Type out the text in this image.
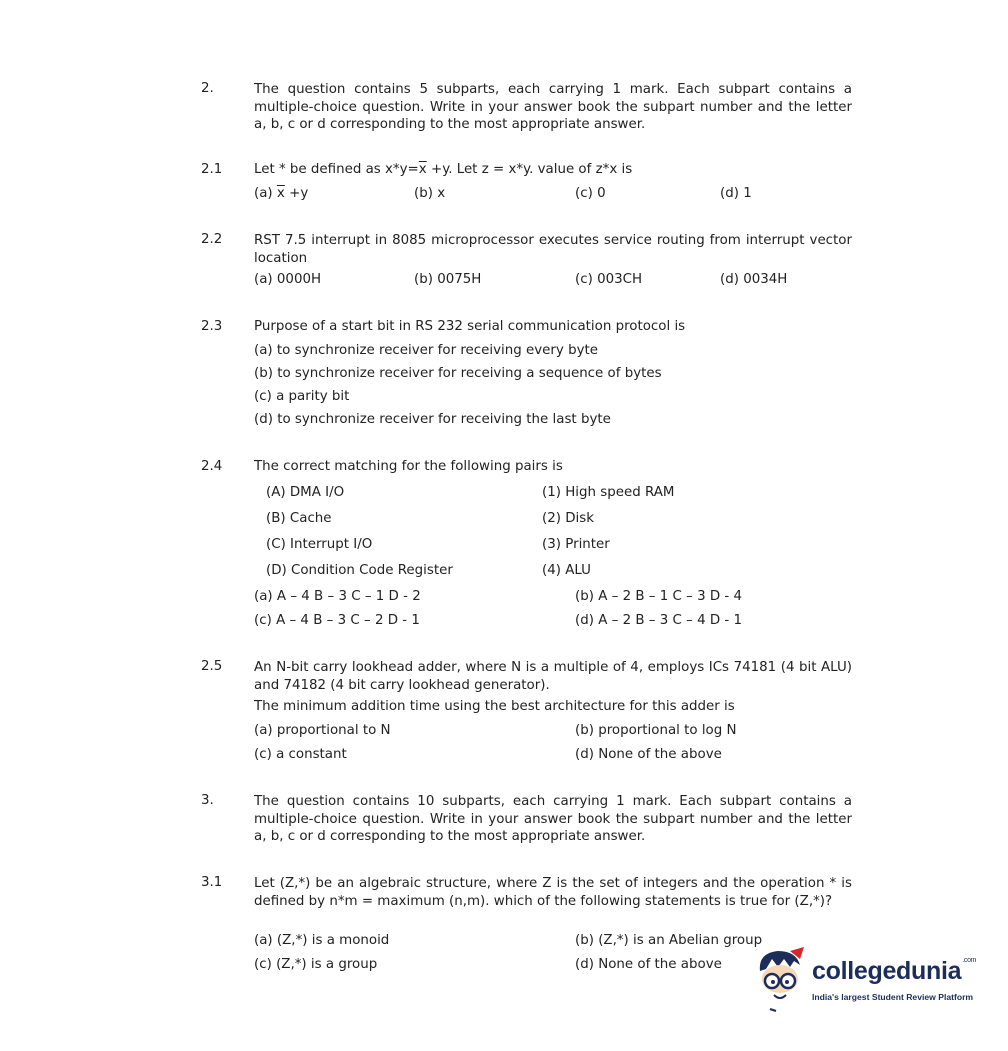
2.	The question contains 5 subparts, each carrying 1 mark. Each subpart contains a multiple-choice question. Write in your answer book the subpart number and the letter a, b, c or d corresponding to the most appropriate answer.
2.1 Let * be defined as $x*y=\overline{x} +y$. Let z = x*y. value of z*x is
(a) $\overline{x} +y$	(b) x	(c) 0	(d) 1
2.2 RST 7.5 interrupt in 8085 microprocessor executes service routing from interrupt vector location
(a) 0000H	(b) 0075H	(c) 003CH	(d) 0034H
2.3 Purpose of a start bit in RS 232 serial communication protocol is
(a) to synchronize receiver for receiving every byte
(b) to synchronize receiver for receiving a sequence of bytes
(c) a parity bit
(d) to synchronize receiver for receiving the last byte
2.4 The correct matching for the following pairs is
(A) DMA I/O	(1) High speed RAM
(B) Cache	(2) Disk
(C) Interrupt I/O	(3) Printer
(D) Condition Code Register	(4) ALU
(a) A – 4 B – 3 C – 1 D - 2	(b) A – 2 B – 1 C – 3 D - 4
(c) A – 4 B – 3 C – 2 D - 1	(d) A – 2 B – 3 C – 4 D - 1
2.5 An N-bit carry lookhead adder, where N is a multiple of 4, employs ICs 74181 (4 bit ALU) and 74182 (4 bit carry lookhead generator).
The minimum addition time using the best architecture for this adder is
(a) proportional to N	(b) proportional to log N
(c) a constant	(d) None of the above
3.	The question contains 10 subparts, each carrying 1 mark. Each subpart contains a multiple-choice question. Write in your answer book the subpart number and the letter a, b, c or d corresponding to the most appropriate answer.
3.1 Let (Z,*) be an algebraic structure, where Z is the set of integers and the operation * is defined by n*m = maximum (n,m). which of the following statements is true for (Z,*)?
(a) (Z,*) is a monoid	(b) (Z,*) is an Abelian group
(c) (Z,*) is a group	(d) None of the above	collegedunia$^{.com}$
India's largest Student Review Platform
